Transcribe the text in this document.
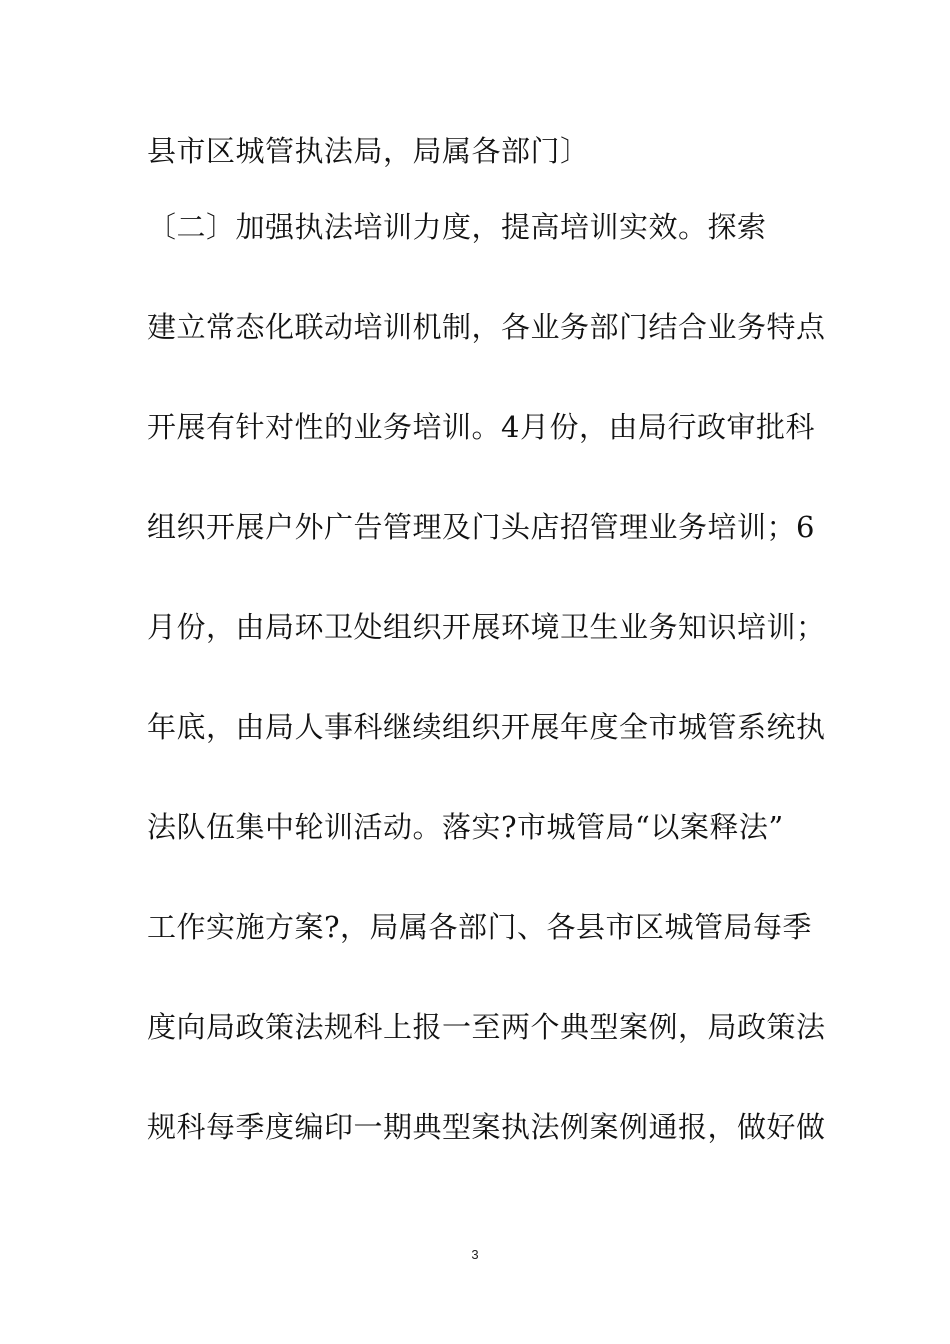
县市区城管执法局，局属各部门〕
〔二〕加强执法培训力度，提高培训实效。探索
建立常态化联动培训机制，各业务部门结合业务特点
开展有针对性的业务培训。4月份，由局行政审批科
组织开展户外广告管理及门头店招管理业务培训；6
月份，由局环卫处组织开展环境卫生业务知识培训；
年底，由局人事科继续组织开展年度全市城管系统执
法队伍集中轮训活动。落实?市城管局“以案释法”
工作实施方案?，局属各部门、各县市区城管局每季
度向局政策法规科上报一至两个典型案例，局政策法
规科每季度编印一期典型案执法例案例通报，做好做
3
